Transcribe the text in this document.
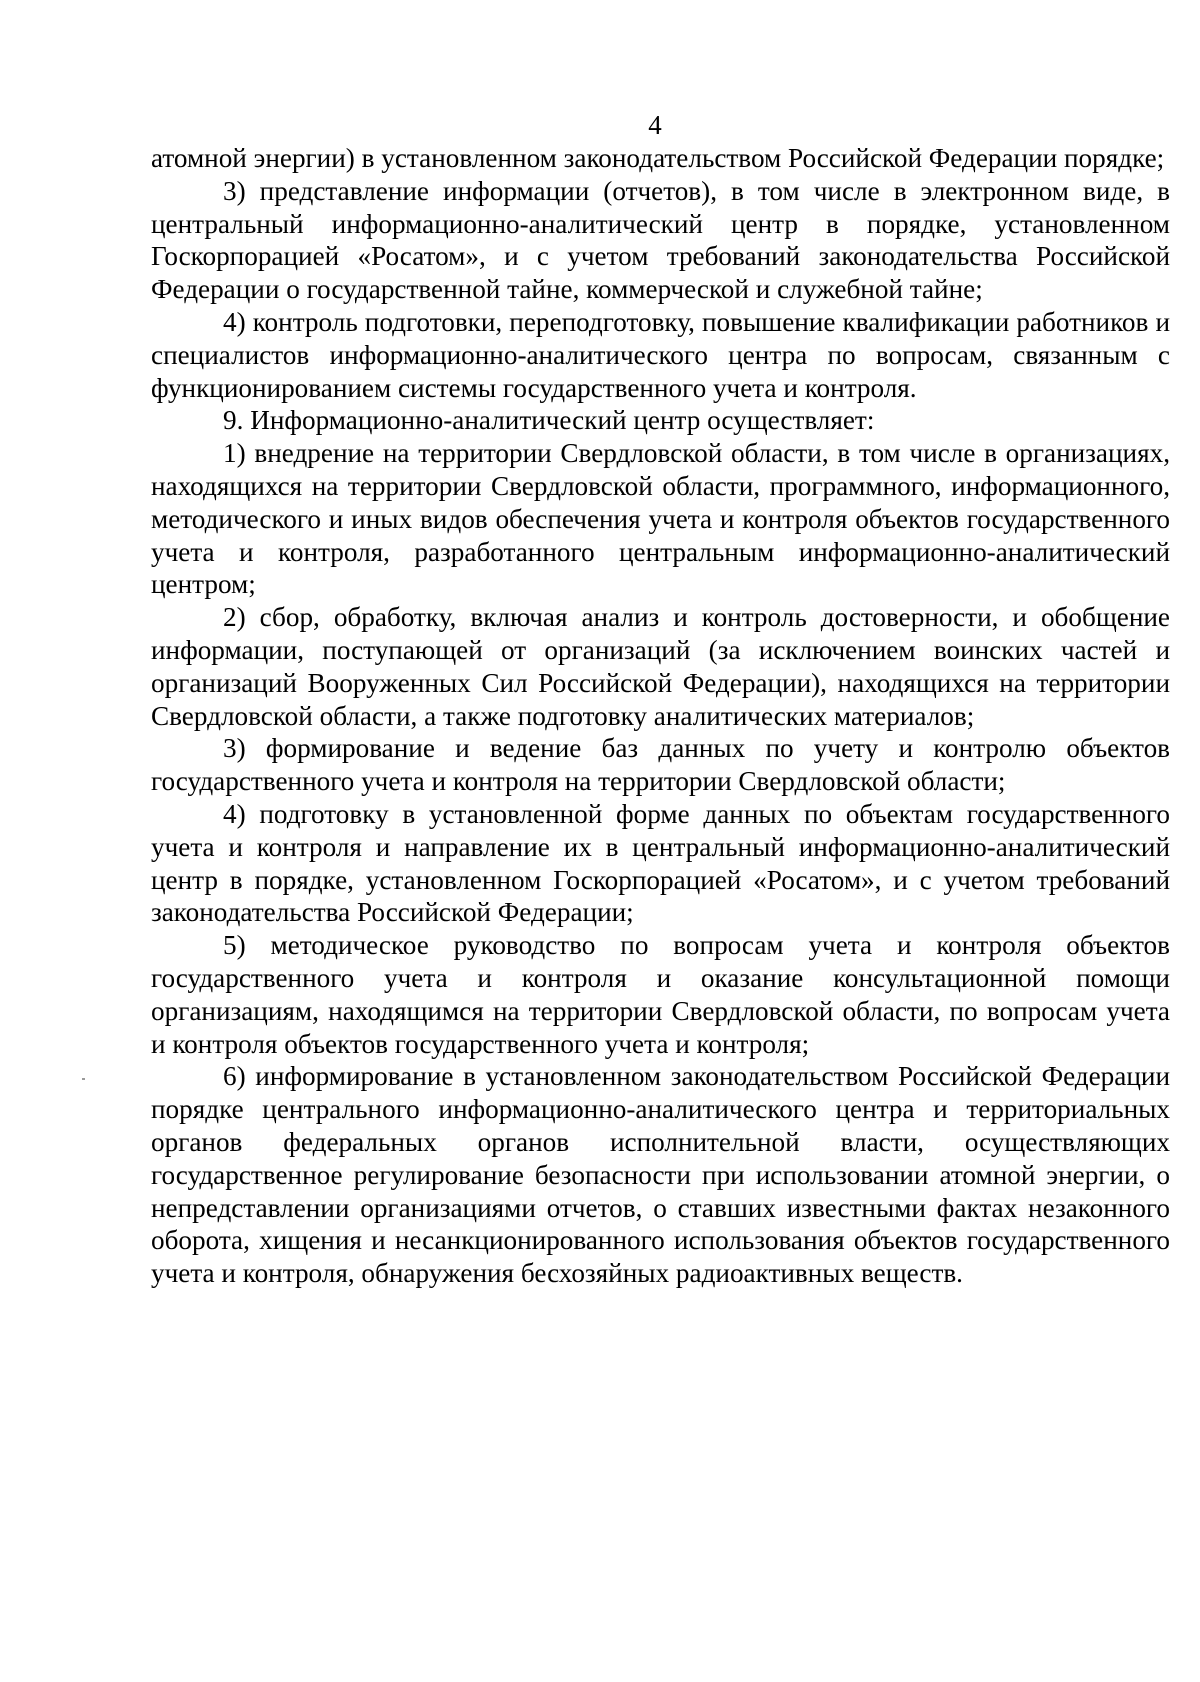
4

атомной энергии) в установленном законодательством Российской Федерации порядке;

3) представление информации (отчетов), в том числе в электронном виде, в центральный информационно-аналитический центр в порядке, установленном Госкорпорацией «Росатом», и с учетом требований законодательства Российской Федерации о государственной тайне, коммерческой и служебной тайне;

4) контроль подготовки, переподготовку, повышение квалификации работников и специалистов информационно-аналитического центра по вопросам, связанным с функционированием системы государственного учета и контроля.

9. Информационно-аналитический центр осуществляет:

1) внедрение на территории Свердловской области, в том числе в организациях, находящихся на территории Свердловской области, программного, информационного, методического и иных видов обеспечения учета и контроля объектов государственного учета и контроля, разработанного центральным информационно-аналитический центром;

2) сбор, обработку, включая анализ и контроль достоверности, и обобщение информации, поступающей от организаций (за исключением воинских частей и организаций Вооруженных Сил Российской Федерации), находящихся на территории Свердловской области, а также подготовку аналитических материалов;

3) формирование и ведение баз данных по учету и контролю объектов государственного учета и контроля на территории Свердловской области;

4) подготовку в установленной форме данных по объектам государственного учета и контроля и направление их в центральный информационно-аналитический центр в порядке, установленном Госкорпорацией «Росатом», и с учетом требований законодательства Российской Федерации;

5) методическое руководство по вопросам учета и контроля объектов государственного учета и контроля и оказание консультационной помощи организациям, находящимся на территории Свердловской области, по вопросам учета и контроля объектов государственного учета и контроля;

6) информирование в установленном законодательством Российской Федерации порядке центрального информационно-аналитического центра и территориальных органов федеральных органов исполнительной власти, осуществляющих государственное регулирование безопасности при использовании атомной энергии, о непредставлении организациями отчетов, о ставших известными фактах незаконного оборота, хищения и несанкционированного использования объектов государственного учета и контроля, обнаружения бесхозяйных радиоактивных веществ.
